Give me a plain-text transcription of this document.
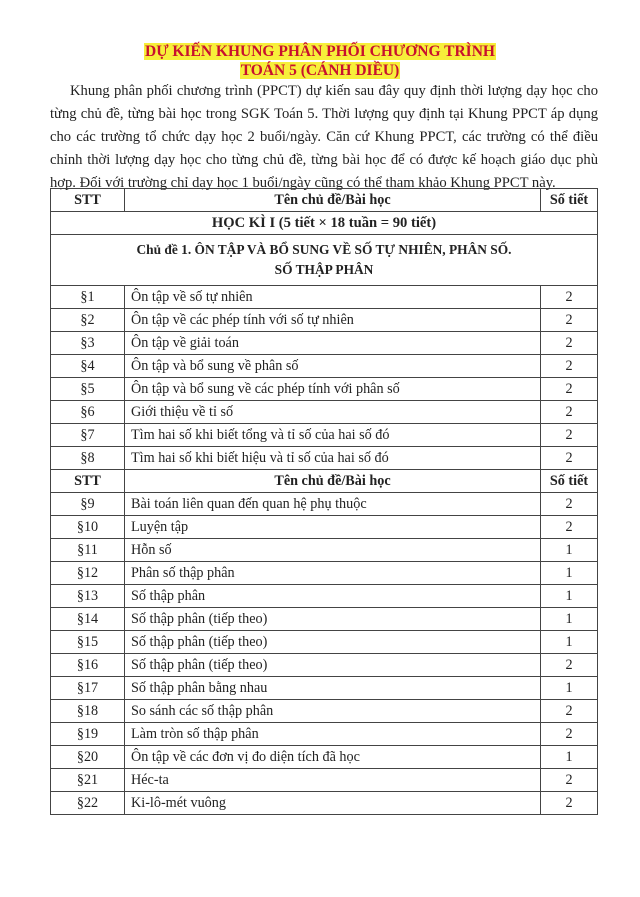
DỰ KIẾN KHUNG PHÂN PHỐI CHƯƠNG TRÌNH
TOÁN 5 (CÁNH DIỀU)

Khung phân phối chương trình (PPCT) dự kiến sau đây quy định thời lượng dạy học cho từng chủ đề, từng bài học trong SGK Toán 5. Thời lượng quy định tại Khung PPCT áp dụng cho các trường tổ chức dạy học 2 buổi/ngày. Căn cứ Khung PPCT, các trường có thể điều chỉnh thời lượng dạy học cho từng chủ đề, từng bài học để có được kế hoạch giáo dục phù hợp. Đối với trường chỉ dạy học 1 buổi/ngày cũng có thể tham khảo Khung PPCT này.

STT	Tên chủ đề/Bài học	Số tiết
HỌC KÌ I (5 tiết × 18 tuần = 90 tiết)		
Chủ đề 1. ÔN TẬP VÀ BỔ SUNG VỀ SỐ TỰ NHIÊN, PHÂN SỐ.
SỐ THẬP PHÂN		
§1	Ôn tập về số tự nhiên	2
§2	Ôn tập về các phép tính với số tự nhiên	2
§3	Ôn tập về giải toán	2
§4	Ôn tập và bổ sung về phân số	2
§5	Ôn tập và bổ sung về các phép tính với phân số	2
§6	Giới thiệu về tỉ số	2
§7	Tìm hai số khi biết tổng và tỉ số của hai số đó	2
§8	Tìm hai số khi biết hiệu và tỉ số của hai số đó	2
STT	Tên chủ đề/Bài học	Số tiết
§9	Bài toán liên quan đến quan hệ phụ thuộc	2
§10	Luyện tập	2
§11	Hỗn số	1
§12	Phân số thập phân	1
§13	Số thập phân	1
§14	Số thập phân (tiếp theo)	1
§15	Số thập phân (tiếp theo)	1
§16	Số thập phân (tiếp theo)	2
§17	Số thập phân bằng nhau	1
§18	So sánh các số thập phân	2
§19	Làm tròn số thập phân	2
§20	Ôn tập về các đơn vị đo diện tích đã học	1
§21	Héc-ta	2
§22	Ki-lô-mét vuông	2
